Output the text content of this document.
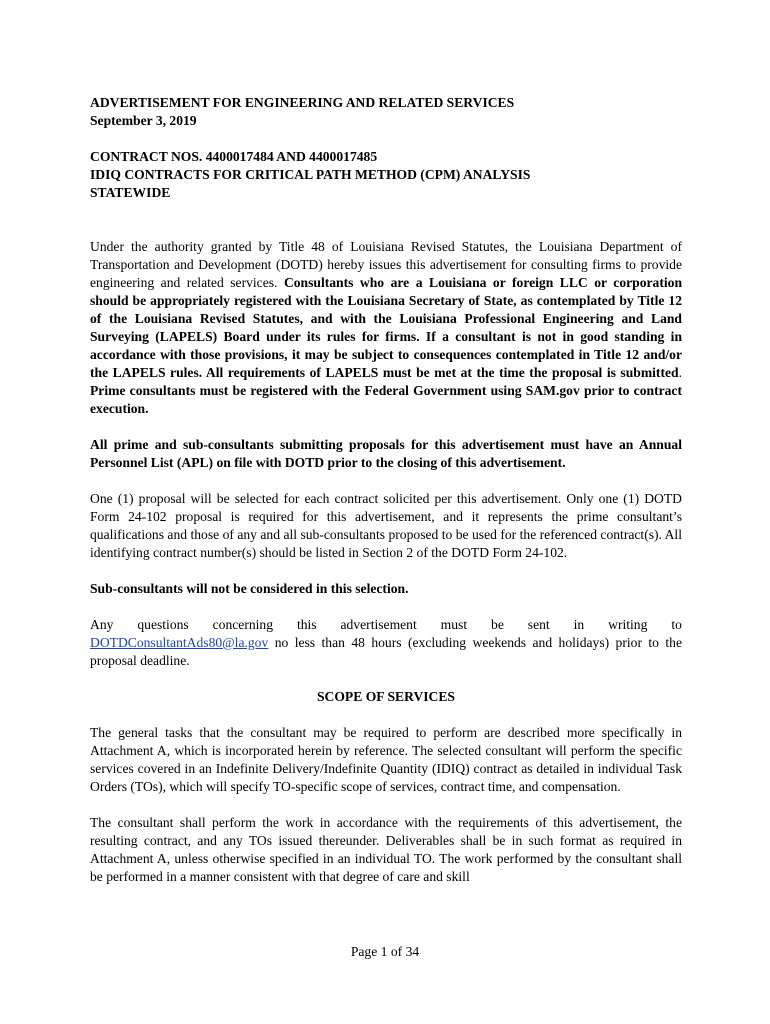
ADVERTISEMENT FOR ENGINEERING AND RELATED SERVICES

September 3, 2019

CONTRACT NOS. 4400017484 AND 4400017485

IDIQ CONTRACTS FOR CRITICAL PATH METHOD (CPM) ANALYSIS

STATEWIDE

Under the authority granted by Title 48 of Louisiana Revised Statutes, the Louisiana Department of Transportation and Development (DOTD) hereby issues this advertisement for consulting firms to provide engineering and related services. Consultants who are a Louisiana or foreign LLC or corporation should be appropriately registered with the Louisiana Secretary of State, as contemplated by Title 12 of the Louisiana Revised Statutes, and with the Louisiana Professional Engineering and Land Surveying (LAPELS) Board under its rules for firms. If a consultant is not in good standing in accordance with those provisions, it may be subject to consequences contemplated in Title 12 and/or the LAPELS rules. All requirements of LAPELS must be met at the time the proposal is submitted. Prime consultants must be registered with the Federal Government using SAM.gov prior to contract execution.

All prime and sub-consultants submitting proposals for this advertisement must have an Annual Personnel List (APL) on file with DOTD prior to the closing of this advertisement.

One (1) proposal will be selected for each contract solicited per this advertisement. Only one (1) DOTD Form 24-102 proposal is required for this advertisement, and it represents the prime consultant’s qualifications and those of any and all sub-consultants proposed to be used for the referenced contract(s). All identifying contract number(s) should be listed in Section 2 of the DOTD Form 24-102.

Sub-consultants will not be considered in this selection.

Any questions concerning this advertisement must be sent in writing to

DOTDConsultantAds80@la.gov no less than 48 hours (excluding weekends and holidays) prior to the proposal deadline.

SCOPE OF SERVICES

The general tasks that the consultant may be required to perform are described more specifically in Attachment A, which is incorporated herein by reference. The selected consultant will perform the specific services covered in an Indefinite Delivery/Indefinite Quantity (IDIQ) contract as detailed in individual Task Orders (TOs), which will specify TO-specific scope of services, contract time, and compensation.

The consultant shall perform the work in accordance with the requirements of this advertisement, the resulting contract, and any TOs issued thereunder. Deliverables shall be in such format as required in Attachment A, unless otherwise specified in an individual TO. The work performed by the consultant shall be performed in a manner consistent with that degree of care and skill

Page 1 of 34
